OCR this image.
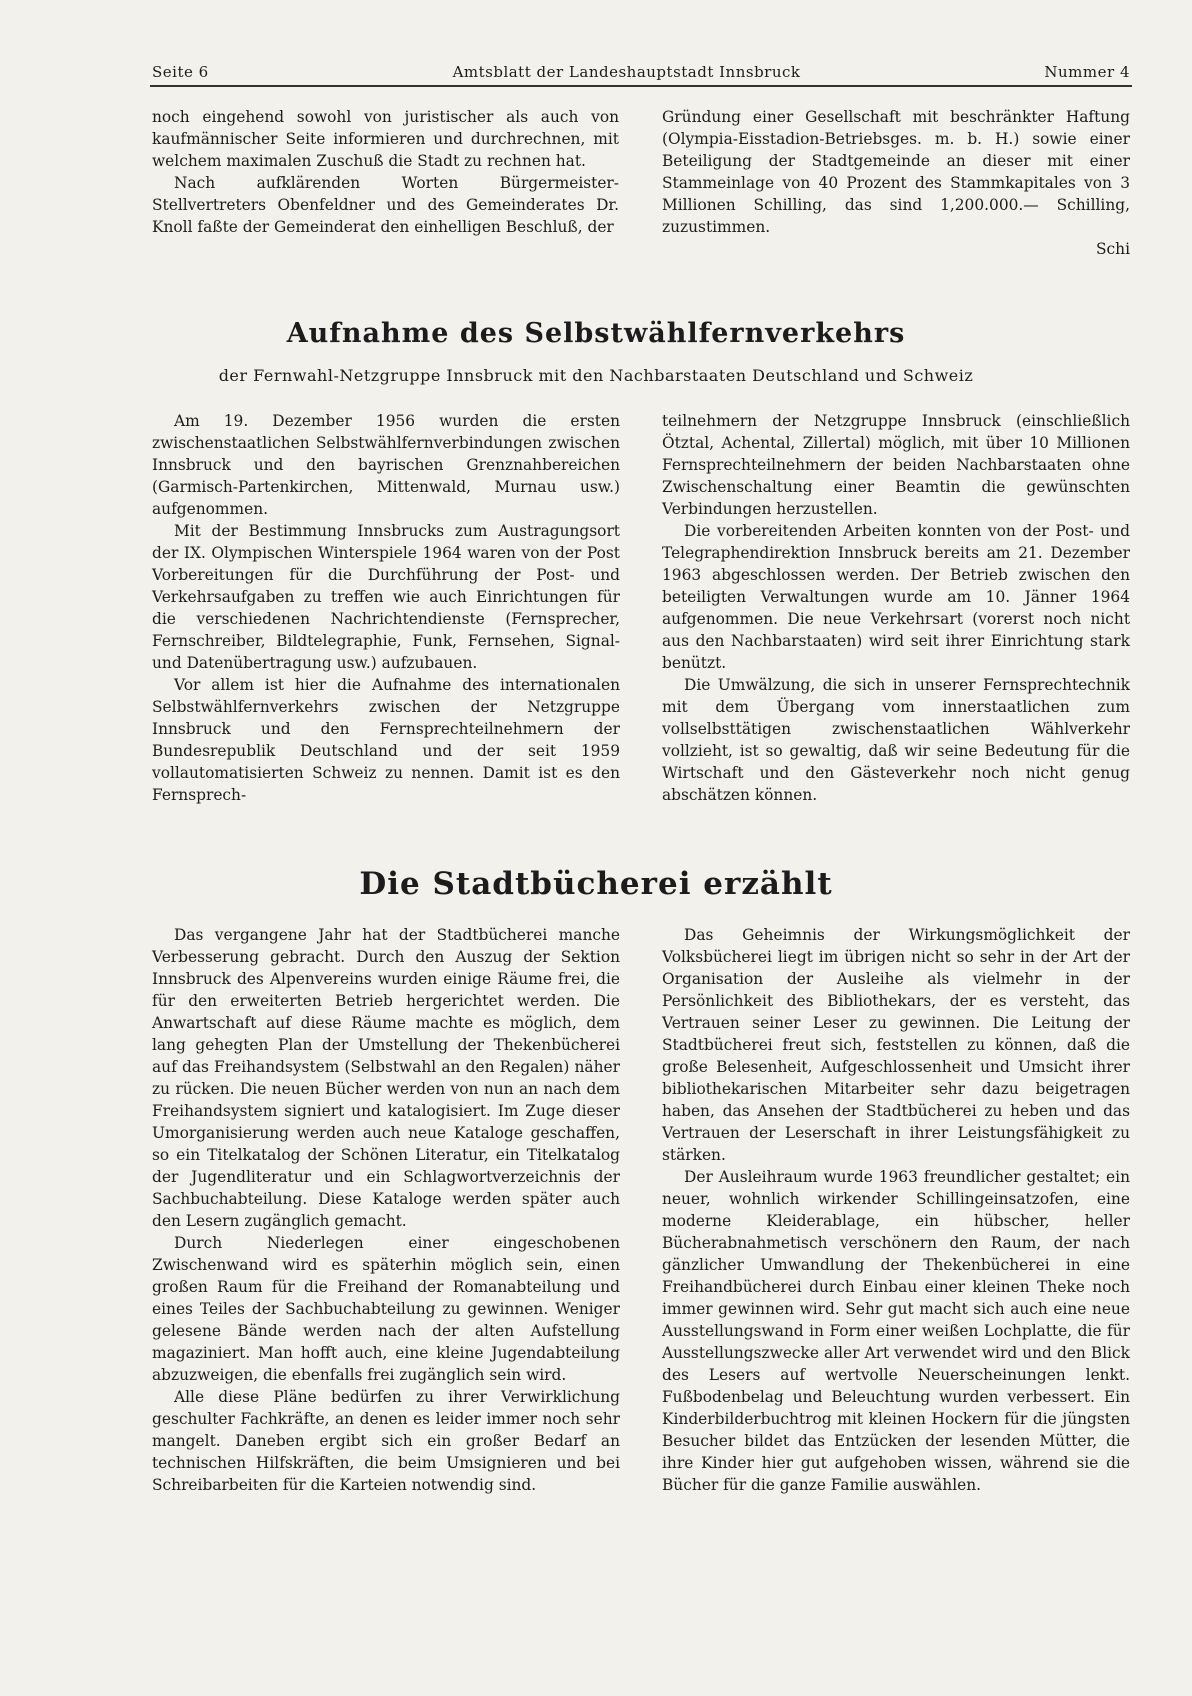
Seite 6	Amtsblatt der Landeshauptstadt Innsbruck	Nummer 4

noch eingehend sowohl von juristischer als auch von kaufmännischer Seite informieren und durchrechnen, mit welchem maximalen Zuschuß die Stadt zu rechnen hat.

Nach aufklärenden Worten Bürgermeister-Stellvertreters Obenfeldner und des Gemeinderates Dr. Knoll faßte der Gemeinderat den einhelligen Beschluß, der

Gründung einer Gesellschaft mit beschränkter Haftung (Olympia-Eisstadion-Betriebsges. m. b. H.) sowie einer Beteiligung der Stadtgemeinde an dieser mit einer Stammeinlage von 40 Prozent des Stammkapitales von 3 Millionen Schilling, das sind 1,200.000.— Schilling, zuzustimmen.

Schi

Aufnahme des Selbstwählfernverkehrs
der Fernwahl-Netzgruppe Innsbruck mit den Nachbarstaaten Deutschland und Schweiz

Am 19. Dezember 1956 wurden die ersten zwischenstaatlichen Selbstwählfernverbindungen zwischen Innsbruck und den bayrischen Grenznahbereichen (Garmisch-Partenkirchen, Mittenwald, Murnau usw.) aufgenommen.

Mit der Bestimmung Innsbrucks zum Austragungsort der IX. Olympischen Winterspiele 1964 waren von der Post Vorbereitungen für die Durchführung der Post- und Verkehrsaufgaben zu treffen wie auch Einrichtungen für die verschiedenen Nachrichtendienste (Fernsprecher, Fernschreiber, Bildtelegraphie, Funk, Fernsehen, Signal- und Datenübertragung usw.) aufzubauen.

Vor allem ist hier die Aufnahme des internationalen Selbstwählfernverkehrs zwischen der Netzgruppe Innsbruck und den Fernsprechteilnehmern der Bundesrepublik Deutschland und der seit 1959 vollautomatisierten Schweiz zu nennen. Damit ist es den Fernsprech-

teilnehmern der Netzgruppe Innsbruck (einschließlich Ötztal, Achental, Zillertal) möglich, mit über 10 Millionen Fernsprechteilnehmern der beiden Nachbarstaaten ohne Zwischenschaltung einer Beamtin die gewünschten Verbindungen herzustellen.

Die vorbereitenden Arbeiten konnten von der Post- und Telegraphendirektion Innsbruck bereits am 21. Dezember 1963 abgeschlossen werden. Der Betrieb zwischen den beteiligten Verwaltungen wurde am 10. Jänner 1964 aufgenommen. Die neue Verkehrsart (vorerst noch nicht aus den Nachbarstaaten) wird seit ihrer Einrichtung stark benützt.

Die Umwälzung, die sich in unserer Fernsprechtechnik mit dem Übergang vom innerstaatlichen zum vollselbsttätigen zwischenstaatlichen Wählverkehr vollzieht, ist so gewaltig, daß wir seine Bedeutung für die Wirtschaft und den Gästeverkehr noch nicht genug abschätzen können.

Die Stadtbücherei erzählt

Das vergangene Jahr hat der Stadtbücherei manche Verbesserung gebracht. Durch den Auszug der Sektion Innsbruck des Alpenvereins wurden einige Räume frei, die für den erweiterten Betrieb hergerichtet werden. Die Anwartschaft auf diese Räume machte es möglich, dem lang gehegten Plan der Umstellung der Thekenbücherei auf das Freihandsystem (Selbstwahl an den Regalen) näher zu rücken. Die neuen Bücher werden von nun an nach dem Freihandsystem signiert und katalogisiert. Im Zuge dieser Umorganisierung werden auch neue Kataloge geschaffen, so ein Titelkatalog der Schönen Literatur, ein Titelkatalog der Jugendliteratur und ein Schlagwortverzeichnis der Sachbuchabteilung. Diese Kataloge werden später auch den Lesern zugänglich gemacht.

Durch Niederlegen einer eingeschobenen Zwischenwand wird es späterhin möglich sein, einen großen Raum für die Freihand der Romanabteilung und eines Teiles der Sachbuchabteilung zu gewinnen. Weniger gelesene Bände werden nach der alten Aufstellung magaziniert. Man hofft auch, eine kleine Jugendabteilung abzuzweigen, die ebenfalls frei zugänglich sein wird.

Alle diese Pläne bedürfen zu ihrer Verwirklichung geschulter Fachkräfte, an denen es leider immer noch sehr mangelt. Daneben ergibt sich ein großer Bedarf an technischen Hilfskräften, die beim Umsignieren und bei Schreibarbeiten für die Karteien notwendig sind.

Das Geheimnis der Wirkungsmöglichkeit der Volksbücherei liegt im übrigen nicht so sehr in der Art der Organisation der Ausleihe als vielmehr in der Persönlichkeit des Bibliothekars, der es versteht, das Vertrauen seiner Leser zu gewinnen. Die Leitung der Stadtbücherei freut sich, feststellen zu können, daß die große Belesenheit, Aufgeschlossenheit und Umsicht ihrer bibliothekarischen Mitarbeiter sehr dazu beigetragen haben, das Ansehen der Stadtbücherei zu heben und das Vertrauen der Leserschaft in ihrer Leistungsfähigkeit zu stärken.

Der Ausleihraum wurde 1963 freundlicher gestaltet; ein neuer, wohnlich wirkender Schillingeinsatzofen, eine moderne Kleiderablage, ein hübscher, heller Bücherabnahmetisch verschönern den Raum, der nach gänzlicher Umwandlung der Thekenbücherei in eine Freihandbücherei durch Einbau einer kleinen Theke noch immer gewinnen wird. Sehr gut macht sich auch eine neue Ausstellungswand in Form einer weißen Lochplatte, die für Ausstellungszwecke aller Art verwendet wird und den Blick des Lesers auf wertvolle Neuerscheinungen lenkt. Fußbodenbelag und Beleuchtung wurden verbessert. Ein Kinderbilderbuchtrog mit kleinen Hockern für die jüngsten Besucher bildet das Entzücken der lesenden Mütter, die ihre Kinder hier gut aufgehoben wissen, während sie die Bücher für die ganze Familie auswählen.
